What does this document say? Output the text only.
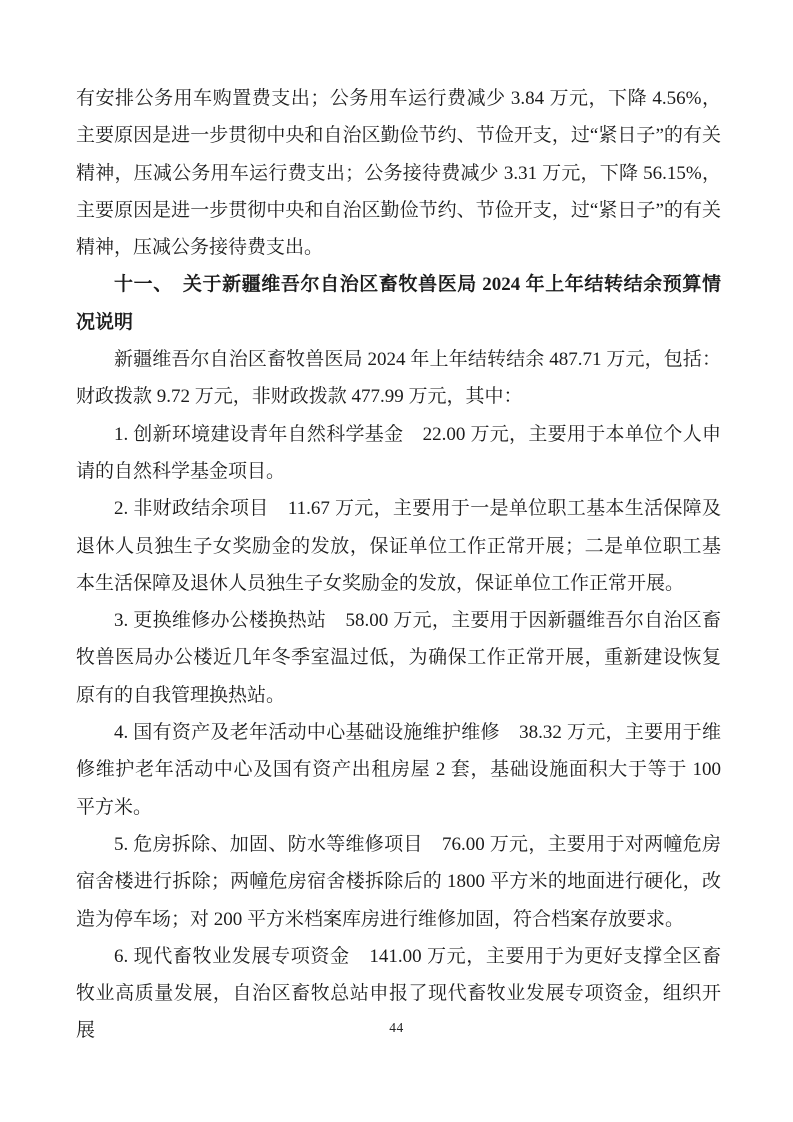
有安排公务用车购置费支出；公务用车运行费减少 3.84 万元，下降 4.56%，主要原因是进一步贯彻中央和自治区勤俭节约、节俭开支，过“紧日子”的有关精神，压减公务用车运行费支出；公务接待费减少 3.31 万元，下降 56.15%，主要原因是进一步贯彻中央和自治区勤俭节约、节俭开支，过“紧日子”的有关精神，压减公务接待费支出。

十一、　关于新疆维吾尔自治区畜牧兽医局 2024 年上年结转结余预算情况说明

新疆维吾尔自治区畜牧兽医局 2024 年上年结转结余 487.71 万元，包括：财政拨款 9.72 万元，非财政拨款 477.99 万元，其中：

1. 创新环境建设青年自然科学基金　22.00 万元，主要用于本单位个人申请的自然科学基金项目。

2. 非财政结余项目　11.67 万元，主要用于一是单位职工基本生活保障及退休人员独生子女奖励金的发放，保证单位工作正常开展；二是单位职工基本生活保障及退休人员独生子女奖励金的发放，保证单位工作正常开展。

3. 更换维修办公楼换热站　58.00 万元，主要用于因新疆维吾尔自治区畜牧兽医局办公楼近几年冬季室温过低，为确保工作正常开展，重新建设恢复原有的自我管理换热站。

4. 国有资产及老年活动中心基础设施维护维修　38.32 万元，主要用于维修维护老年活动中心及国有资产出租房屋 2 套，基础设施面积大于等于 100 平方米。

5. 危房拆除、加固、防水等维修项目　76.00 万元，主要用于对两幢危房宿舍楼进行拆除；两幢危房宿舍楼拆除后的 1800 平方米的地面进行硬化，改造为停车场；对 200 平方米档案库房进行维修加固，符合档案存放要求。

6. 现代畜牧业发展专项资金　141.00 万元，主要用于为更好支撑全区畜牧业高质量发展，自治区畜牧总站申报了现代畜牧业发展专项资金，组织开展	44
